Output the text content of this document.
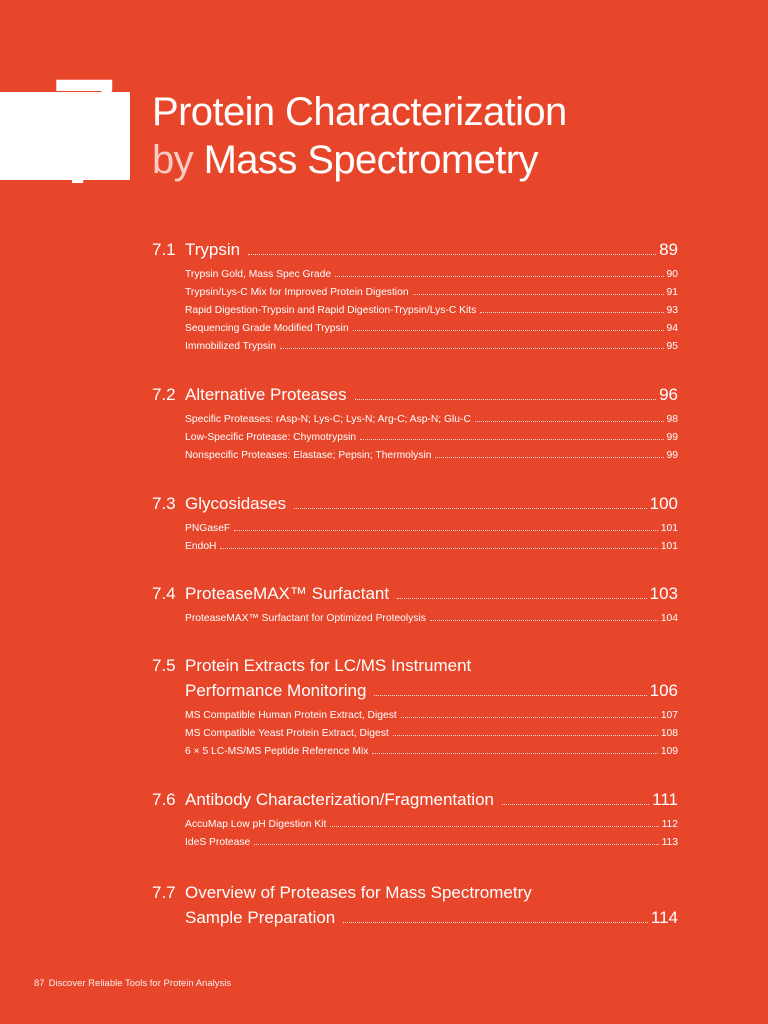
7 Protein Characterization
by Mass Spectrometry
7.1 Trypsin	89
Trypsin Gold, Mass Spec Grade	90
Trypsin/Lys-C Mix for Improved Protein Digestion	91
Rapid Digestion-Trypsin and Rapid Digestion-Trypsin/Lys-C Kits	93
Sequencing Grade Modified Trypsin	94
Immobilized Trypsin	95
7.2 Alternative Proteases	96
Specific Proteases: rAsp-N; Lys-C; Lys-N; Arg-C; Asp-N; Glu-C	98
Low-Specific Protease: Chymotrypsin	99
Nonspecific Proteases: Elastase; Pepsin; Thermolysin	99
7.3 Glycosidases	100
PNGaseF	101
EndoH	101
7.4 ProteaseMAX™ Surfactant	103
ProteaseMAX™ Surfactant for Optimized Proteolysis	104
7.5 Protein Extracts for LC/MS Instrument
Performance Monitoring	106
MS Compatible Human Protein Extract, Digest	107
MS Compatible Yeast Protein Extract, Digest	108
6 × 5 LC-MS/MS Peptide Reference Mix	109
7.6 Antibody Characterization/Fragmentation	111
AccuMap Low pH Digestion Kit	112
IdeS Protease	113
7.7 Overview of Proteases for Mass Spectrometry
Sample Preparation	114
87 Discover Reliable Tools for Protein Analysis
